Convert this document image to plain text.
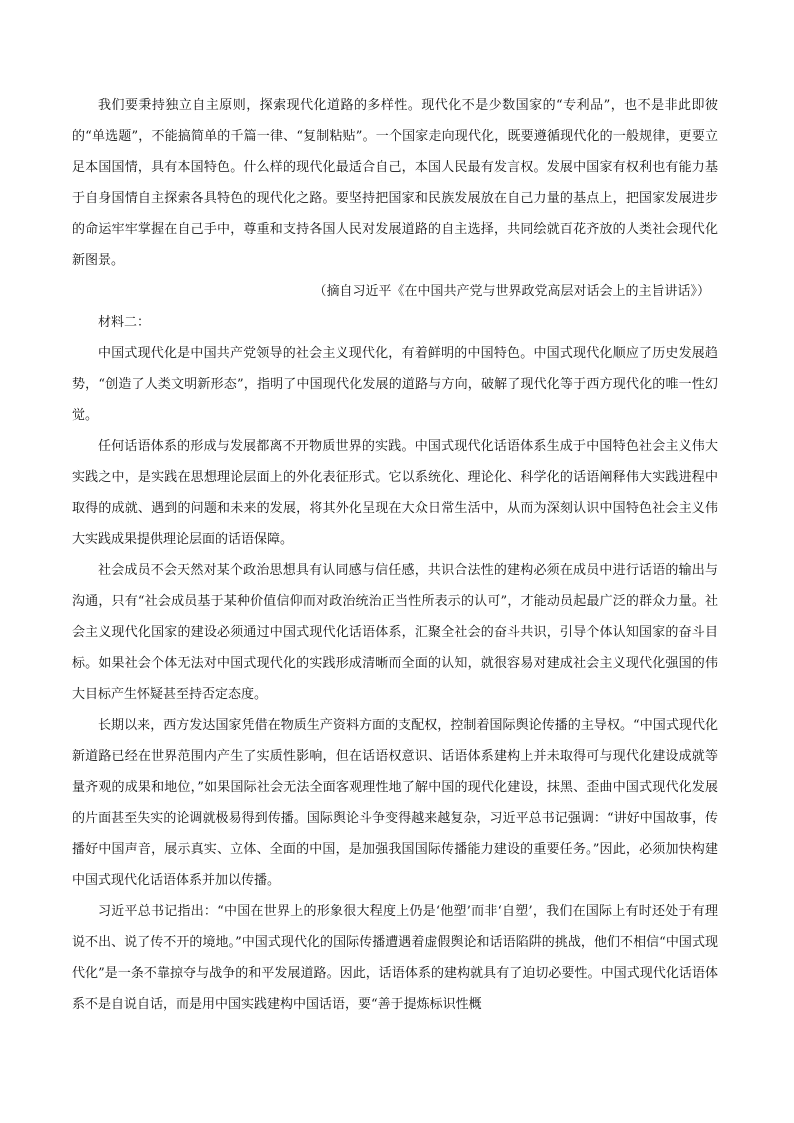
我们要秉持独立自主原则，探索现代化道路的多样性。现代化不是少数国家的“专利品”，也不是非此即彼的“单选题”，不能搞简单的千篇一律、“复制粘贴”。一个国家走向现代化，既要遵循现代化的一般规律，更要立足本国国情，具有本国特色。什么样的现代化最适合自己，本国人民最有发言权。发展中国家有权利也有能力基于自身国情自主探索各具特色的现代化之路。要坚持把国家和民族发展放在自己力量的基点上，把国家发展进步的命运牢牢掌握在自己手中，尊重和支持各国人民对发展道路的自主选择，共同绘就百花齐放的人类社会现代化新图景。

（摘自习近平《在中国共产党与世界政党高层对话会上的主旨讲话》）

材料二：

中国式现代化是中国共产党领导的社会主义现代化，有着鲜明的中国特色。中国式现代化顺应了历史发展趋势，“创造了人类文明新形态”，指明了中国现代化发展的道路与方向，破解了现代化等于西方现代化的唯一性幻觉。

任何话语体系的形成与发展都离不开物质世界的实践。中国式现代化话语体系生成于中国特色社会主义伟大实践之中，是实践在思想理论层面上的外化表征形式。它以系统化、理论化、科学化的话语阐释伟大实践进程中取得的成就、遇到的问题和未来的发展，将其外化呈现在大众日常生活中，从而为深刻认识中国特色社会主义伟大实践成果提供理论层面的话语保障。

社会成员不会天然对某个政治思想具有认同感与信任感，共识合法性的建构必须在成员中进行话语的输出与沟通，只有“社会成员基于某种价值信仰而对政治统治正当性所表示的认可”，才能动员起最广泛的群众力量。社会主义现代化国家的建设必须通过中国式现代化话语体系，汇聚全社会的奋斗共识，引导个体认知国家的奋斗目标。如果社会个体无法对中国式现代化的实践形成清晰而全面的认知，就很容易对建成社会主义现代化强国的伟大目标产生怀疑甚至持否定态度。

长期以来，西方发达国家凭借在物质生产资料方面的支配权，控制着国际舆论传播的主导权。“中国式现代化新道路已经在世界范围内产生了实质性影响，但在话语权意识、话语体系建构上并未取得可与现代化建设成就等量齐观的成果和地位，”如果国际社会无法全面客观理性地了解中国的现代化建设，抹黑、歪曲中国式现代化发展的片面甚至失实的论调就极易得到传播。国际舆论斗争变得越来越复杂，习近平总书记强调：“讲好中国故事，传播好中国声音，展示真实、立体、全面的中国，是加强我国国际传播能力建设的重要任务。”因此，必须加快构建中国式现代化话语体系并加以传播。

习近平总书记指出：“中国在世界上的形象很大程度上仍是‘他塑’而非‘自塑’，我们在国际上有时还处于有理说不出、说了传不开的境地。”中国式现代化的国际传播遭遇着虚假舆论和话语陷阱的挑战，他们不相信“中国式现代化”是一条不靠掠夺与战争的和平发展道路。因此，话语体系的建构就具有了迫切必要性。中国式现代化话语体系不是自说自话，而是用中国实践建构中国话语，要“善于提炼标识性概
